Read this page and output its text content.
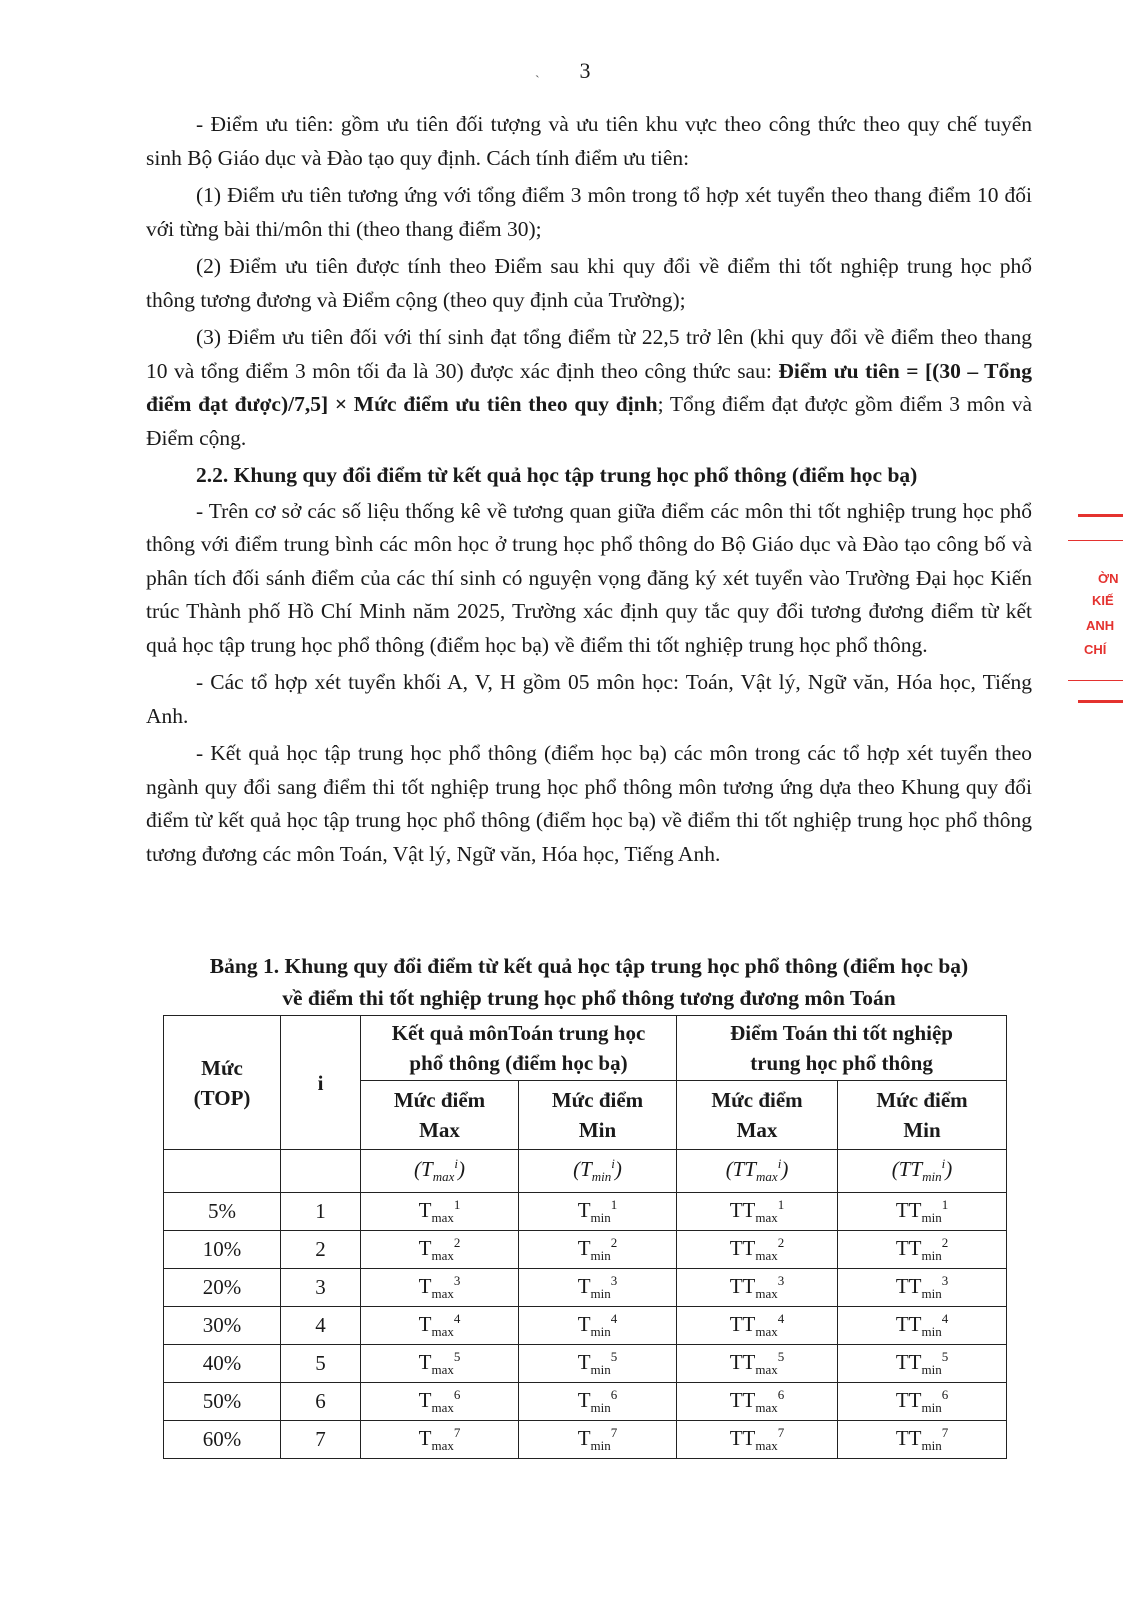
3
`

- Điểm ưu tiên: gồm ưu tiên đối tượng và ưu tiên khu vực theo công thức theo quy chế tuyển sinh Bộ Giáo dục và Đào tạo quy định. Cách tính điểm ưu tiên:

(1) Điểm ưu tiên tương ứng với tổng điểm 3 môn trong tổ hợp xét tuyển theo thang điểm 10 đối với từng bài thi/môn thi (theo thang điểm 30);

(2) Điểm ưu tiên được tính theo Điểm sau khi quy đổi về điểm thi tốt nghiệp trung học phổ thông tương đương và Điểm cộng (theo quy định của Trường);

(3) Điểm ưu tiên đối với thí sinh đạt tổng điểm từ 22,5 trở lên (khi quy đổi về điểm theo thang 10 và tổng điểm 3 môn tối đa là 30) được xác định theo công thức sau: Điểm ưu tiên = [(30 – Tổng điểm đạt được)/7,5] × Mức điểm ưu tiên theo quy định; Tổng điểm đạt được gồm điểm 3 môn và Điểm cộng.

2.2. Khung quy đổi điểm từ kết quả học tập trung học phổ thông (điểm học bạ)

- Trên cơ sở các số liệu thống kê về tương quan giữa điểm các môn thi tốt nghiệp trung học phổ thông với điểm trung bình các môn học ở trung học phổ thông do Bộ Giáo dục và Đào tạo công bố và phân tích đối sánh điểm của các thí sinh có nguyện vọng đăng ký xét tuyển vào Trường Đại học Kiến trúc Thành phố Hồ Chí Minh năm 2025, Trường xác định quy tắc quy đổi tương đương điểm từ kết quả học tập trung học phổ thông (điểm học bạ) về điểm thi tốt nghiệp trung học phổ thông.

- Các tổ hợp xét tuyển khối A, V, H gồm 05 môn học: Toán, Vật lý, Ngữ văn, Hóa học, Tiếng Anh.

- Kết quả học tập trung học phổ thông (điểm học bạ) các môn trong các tổ hợp xét tuyển theo ngành quy đổi sang điểm thi tốt nghiệp trung học phổ thông môn tương ứng dựa theo Khung quy đổi điểm từ kết quả học tập trung học phổ thông (điểm học bạ) về điểm thi tốt nghiệp trung học phổ thông tương đương các môn Toán, Vật lý, Ngữ văn, Hóa học, Tiếng Anh.

Bảng 1. Khung quy đổi điểm từ kết quả học tập trung học phổ thông (điểm học bạ)
về điểm thi tốt nghiệp trung học phổ thông tương đương môn Toán
Mức (TOP)	i	Kết quả mônToán trung học phổ thông (điểm học bạ)		Điểm Toán thi tốt nghiệp trung học phổ thông	

		Mức điểm Max	Mức điểm Min	Mức điểm Max	Mức điểm Min

		$(T_{max}^i)$	$(T_{min}^i)$	$(TT_{max}^i)$	$(TT_{min}^i)$
5%	1	$T_{max}^1$	$T_{min}^1$	$TT_{max}^1$	$TT_{min}^1$
10%	2	$T_{max}^2$	$T_{min}^2$	$TT_{max}^2$	$TT_{min}^2$
20%	3	$T_{max}^3$	$T_{min}^3$	$TT_{max}^3$	$TT_{min}^3$
30%	4	$T_{max}^4$	$T_{min}^4$	$TT_{max}^4$	$TT_{min}^4$
40%	5	$T_{max}^5$	$T_{min}^5$	$TT_{max}^5$	$TT_{min}^5$
50%	6	$T_{max}^6$	$T_{min}^6$	$TT_{max}^6$	$TT_{min}^6$
60%	7	$T_{max}^7$	$T_{min}^7$	$TT_{max}^7$	$TT_{min}^7$
ỜN
KIẾ
ANH
CHÍ
